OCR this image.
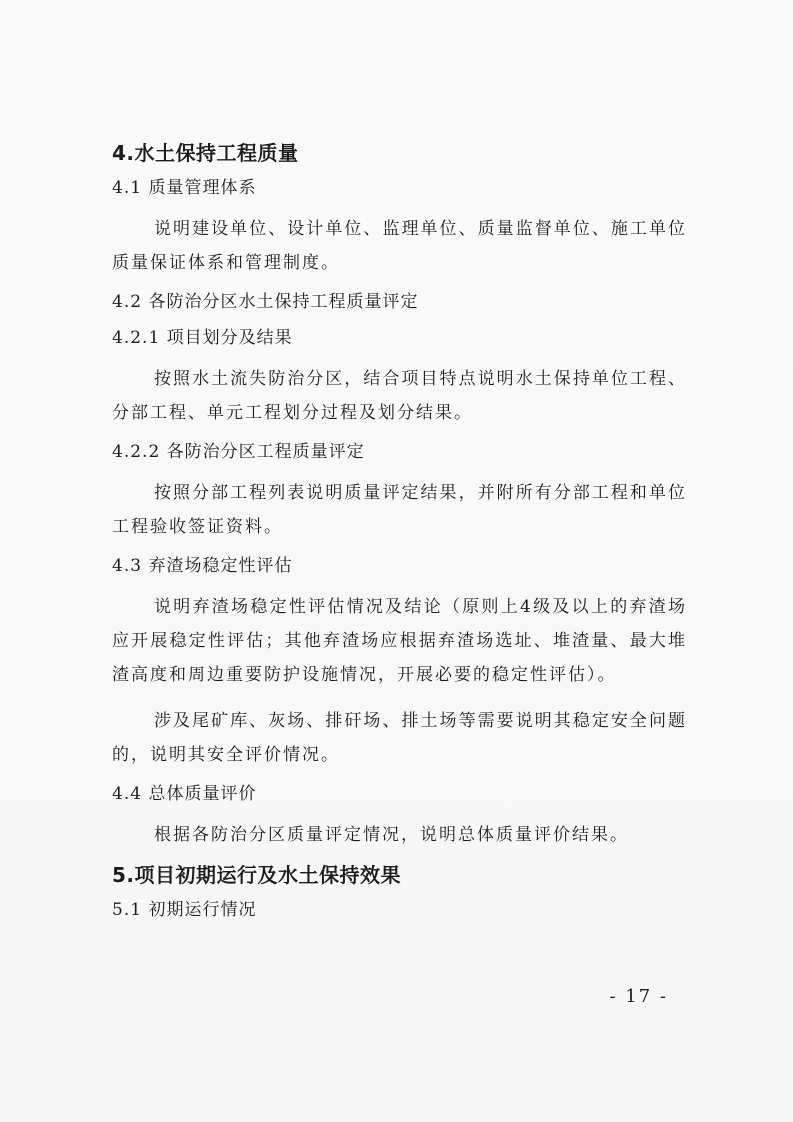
4.水土保持工程质量
4.1 质量管理体系
说明建设单位、设计单位、监理单位、质量监督单位、施工单位质量保证体系和管理制度。
4.2 各防治分区水土保持工程质量评定
4.2.1 项目划分及结果
按照水土流失防治分区，结合项目特点说明水土保持单位工程、分部工程、单元工程划分过程及划分结果。
4.2.2 各防治分区工程质量评定
按照分部工程列表说明质量评定结果，并附所有分部工程和单位工程验收签证资料。
4.3 弃渣场稳定性评估
说明弃渣场稳定性评估情况及结论（原则上4级及以上的弃渣场应开展稳定性评估；其他弃渣场应根据弃渣场选址、堆渣量、最大堆渣高度和周边重要防护设施情况，开展必要的稳定性评估）。
涉及尾矿库、灰场、排矸场、排土场等需要说明其稳定安全问题的，说明其安全评价情况。
4.4 总体质量评价
根据各防治分区质量评定情况，说明总体质量评价结果。
5.项目初期运行及水土保持效果
5.1 初期运行情况
- 17 -
